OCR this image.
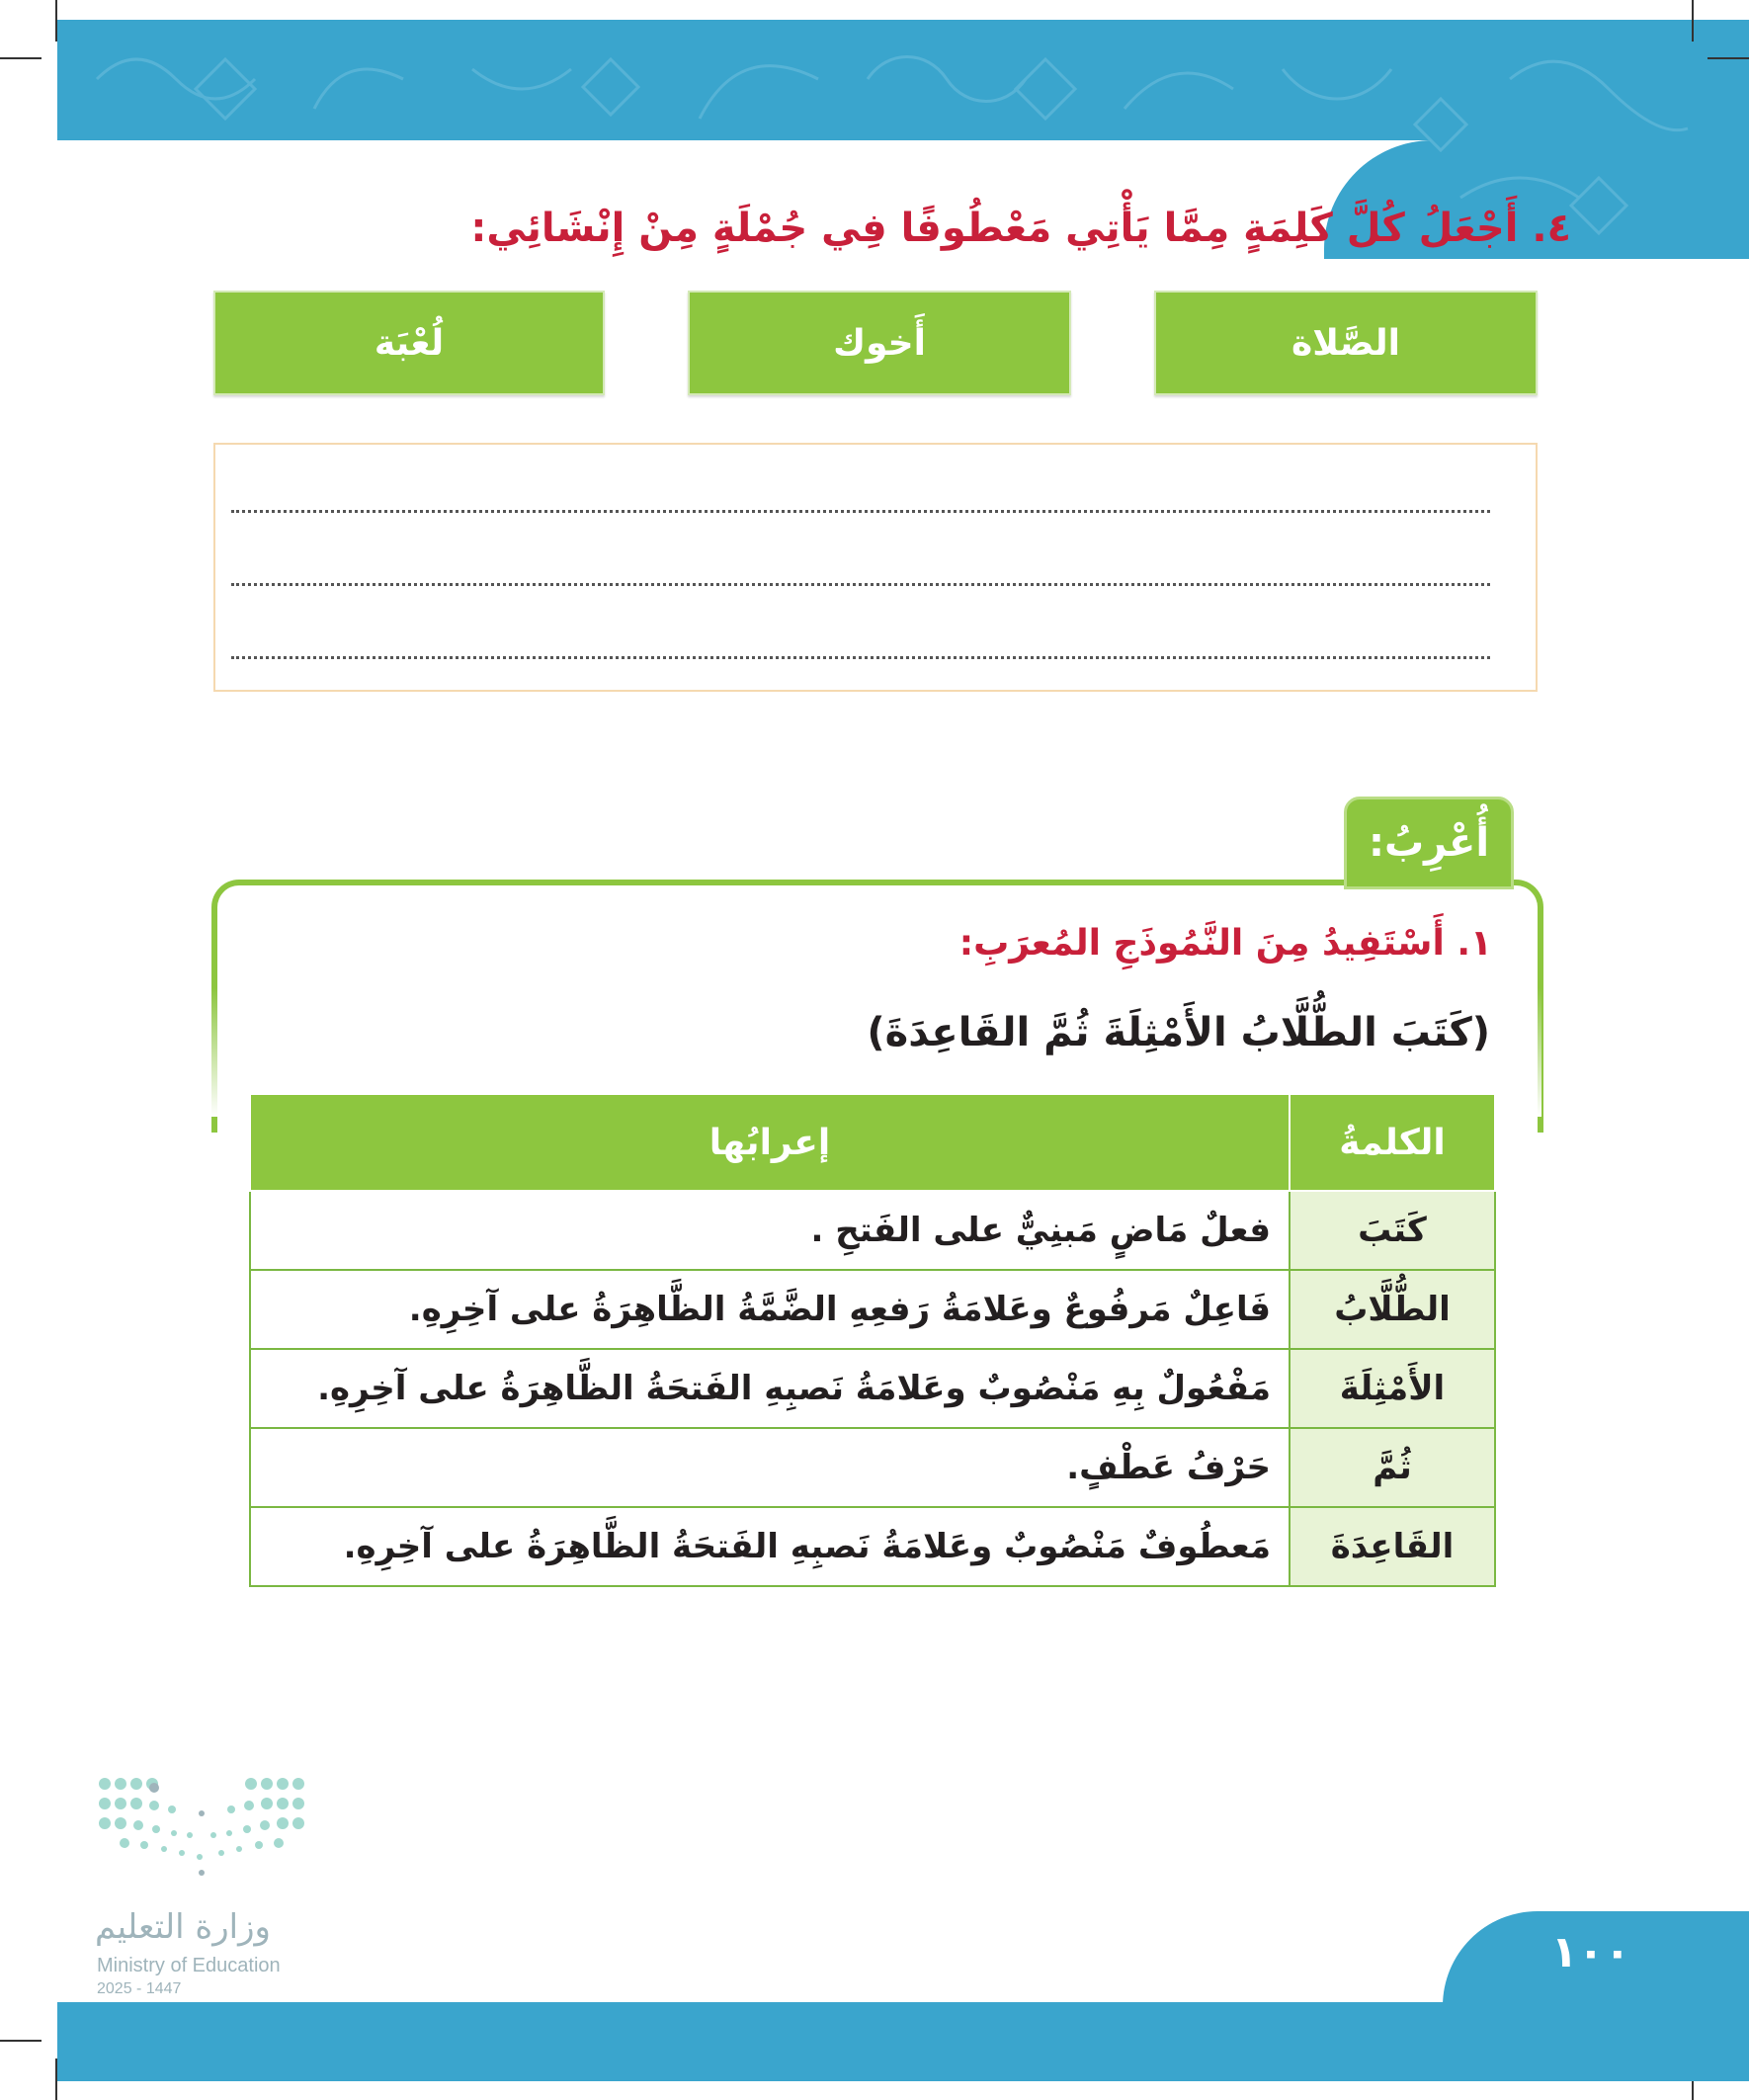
٤. أَجْعَلُ كُلَّ كَلِمَةٍ مِمَّا يَأْتِي مَعْطُوفًا فِي جُمْلَةٍ مِنْ إِنْشَائِي:
الصَّلاة
أَخوك
لُعْبَة
أُعْرِبُ:
١. أَسْتَفِيدُ مِنَ النَّمُوذَجِ المُعرَبِ:
(كَتَبَ الطُّلَّابُ الأَمْثِلَةَ ثُمَّ القَاعِدَةَ)
الكلمةُ	إعرابُها
كَتَبَ	فعلٌ مَاضٍ مَبنِيٌّ على الفَتحِ .
الطُّلَّابُ	فَاعِلٌ مَرفُوعٌ وعَلامَةُ رَفعِهِ الضَّمَّةُ الظَّاهِرَةُ على آخِرِهِ.
الأَمْثِلَةَ	مَفْعُولٌ بِهِ مَنْصُوبٌ وعَلامَةُ نَصبِهِ الفَتحَةُ الظَّاهِرَةُ على آخِرِهِ.
ثُمَّ	حَرْفُ عَطْفٍ.
القَاعِدَةَ	مَعطُوفٌ مَنْصُوبٌ وعَلامَةُ نَصبِهِ الفَتحَةُ الظَّاهِرَةُ على آخِرِهِ.
وزارة التعليم
Ministry of Education
2025 - 1447
١٠٠
